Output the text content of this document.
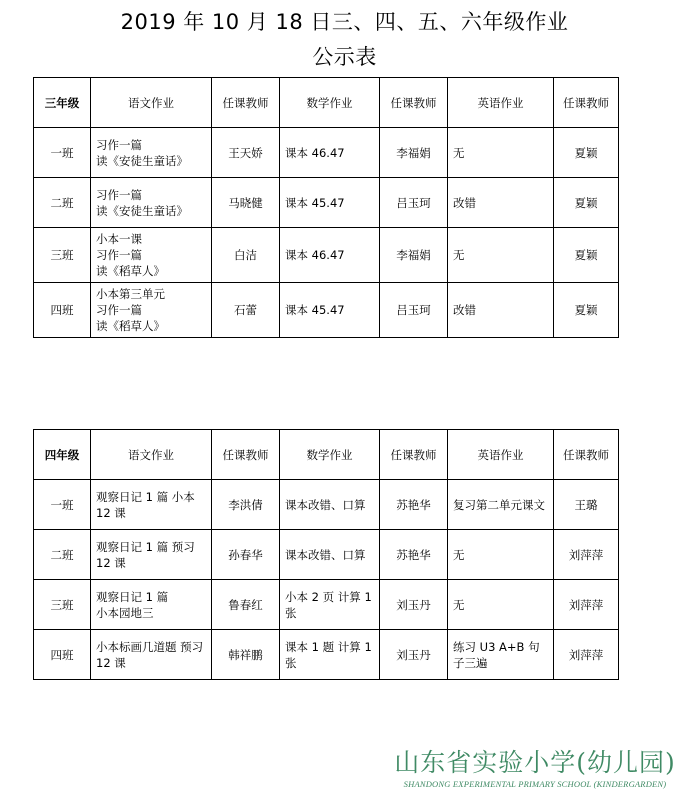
2019 年 10 月 18 日三、四、五、六年级作业
公示表
三年级	语文作业	任课教师	数学作业	任课教师	英语作业	任课教师
一班	习作一篇
读《安徒生童话》	王天娇	课本 46.47	李福娟	无	夏颖
二班	习作一篇
读《安徒生童话》	马晓健	课本 45.47	吕玉珂	改错	夏颖
三班	小本一课
习作一篇
读《稻草人》	白洁	课本 46.47	李福娟	无	夏颖
四班	小本第三单元
习作一篇
读《稻草人》	石蕾	课本 45.47	吕玉珂	改错	夏颖
四年级	语文作业	任课教师	数学作业	任课教师	英语作业	任课教师
一班	观察日记 1 篇 小本 12 课	李洪倩	课本改错、口算	苏艳华	复习第二单元课文	王璐
二班	观察日记 1 篇 预习 12 课	孙春华	课本改错、口算	苏艳华	无	刘萍萍
三班	观察日记 1 篇
小本园地三	鲁春红	小本 2 页 计算 1 张	刘玉丹	无	刘萍萍
四班	小本标画几道题 预习 12 课	韩祥鹏	课本 1 题 计算 1 张	刘玉丹	练习 U3 A+B 句子三遍	刘萍萍
山东省实验小学(幼儿园)
SHANDONG EXPERIMENTAL PRIMARY SCHOOL (KINDERGARDEN)
